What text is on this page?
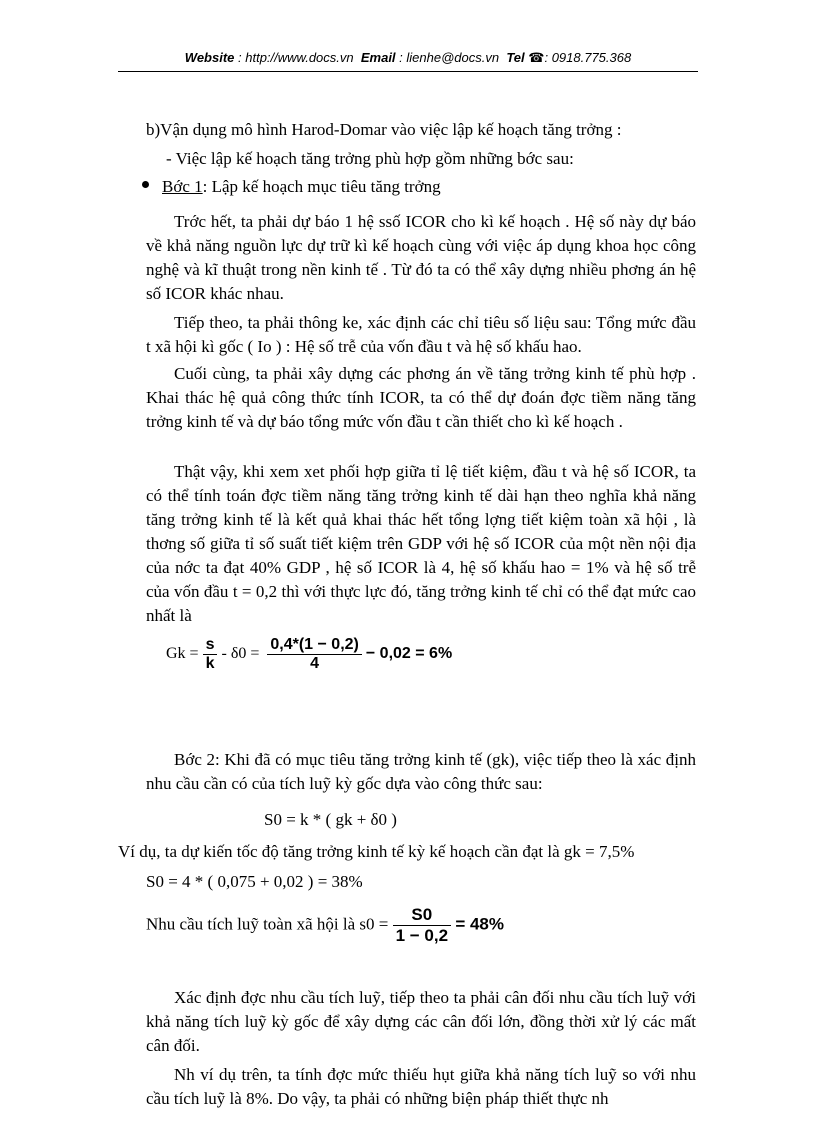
Website : http://www.docs.vn Email : lienhe@docs.vn Tel ☎: 0918.775.368
b)Vận dụng mô hình Harod-Domar vào việc lập kế hoạch tăng trởng :
- Việc lập kế hoạch tăng trởng phù hợp gồm những bớc sau:
Bớc 1: Lập kế hoạch mục tiêu tăng trởng
Trớc hết, ta phải dự báo 1 hệ ssố ICOR cho kì kế hoạch . Hệ số này dự báo về khả năng nguồn lực dự trữ kì kế hoạch cùng với việc áp dụng khoa học công nghệ và kĩ thuật trong nền kinh tế . Từ đó ta có thể xây dựng nhiều phơng án hệ số ICOR khác nhau.
Tiếp theo, ta phải thông ke, xác định các chỉ tiêu số liệu sau: Tổng mức đầu t xã hội kì gốc ( Io ) : Hệ số trễ của vốn đầu t và hệ số khấu hao.
Cuối cùng, ta phải xây dựng các phơng án về tăng trởng kinh tế phù hợp . Khai thác hệ quả công thức tính ICOR, ta có thể dự đoán đợc tiềm năng tăng trởng kinh tế và dự báo tổng mức vốn đầu t cần thiết cho kì kế hoạch .
Thật vậy, khi xem xet phối hợp giữa tỉ lệ tiết kiệm, đầu t và hệ số ICOR, ta có thể tính toán đợc tiềm năng tăng trởng kinh tế dài hạn theo nghĩa khả năng tăng trởng kinh tế là kết quả khai thác hết tổng lợng tiết kiệm toàn xã hội , là thơng số giữa tỉ số suất tiết kiệm trên GDP với hệ số ICOR của một nền nội địa của nớc ta đạt 40% GDP , hệ số ICOR là 4, hệ số khấu hao = 1% và hệ số trễ của vốn đầu t = 0,2 thì với thực lực đó, tăng trởng kinh tế chỉ có thể đạt mức cao nhất là
$Gk = \frac{s}{k} - \delta 0 = \frac{0,4*(1 - 0,2)}{4} - 0,02 = 6\%$
Bớc 2: Khi đã có mục tiêu tăng trởng kinh tế (gk), việc tiếp theo là xác định nhu cầu cần có của tích luỹ kỳ gốc dựa vào công thức sau:
S0 = k * ( gk + δ0 )
Ví dụ, ta dự kiến tốc độ tăng trởng kinh tế kỳ kế hoạch cần đạt là gk = 7,5%
S0 = 4 * ( 0,075 + 0,02 ) = 38%
Nhu cầu tích luỹ toàn xã hội là $s0 = \frac{S0}{1 - 0,2} = 48\%$
Xác định đợc nhu cầu tích luỹ, tiếp theo ta phải cân đối nhu cầu tích luỹ với khả năng tích luỹ kỳ gốc để xây dựng các cân đối lớn, đồng thời xử lý các mất cân đối.
Nh ví dụ trên, ta tính đợc mức thiếu hụt giữa khả năng tích luỹ so với nhu cầu tích luỹ là 8%. Do vậy, ta phải có những biện pháp thiết thực nh
